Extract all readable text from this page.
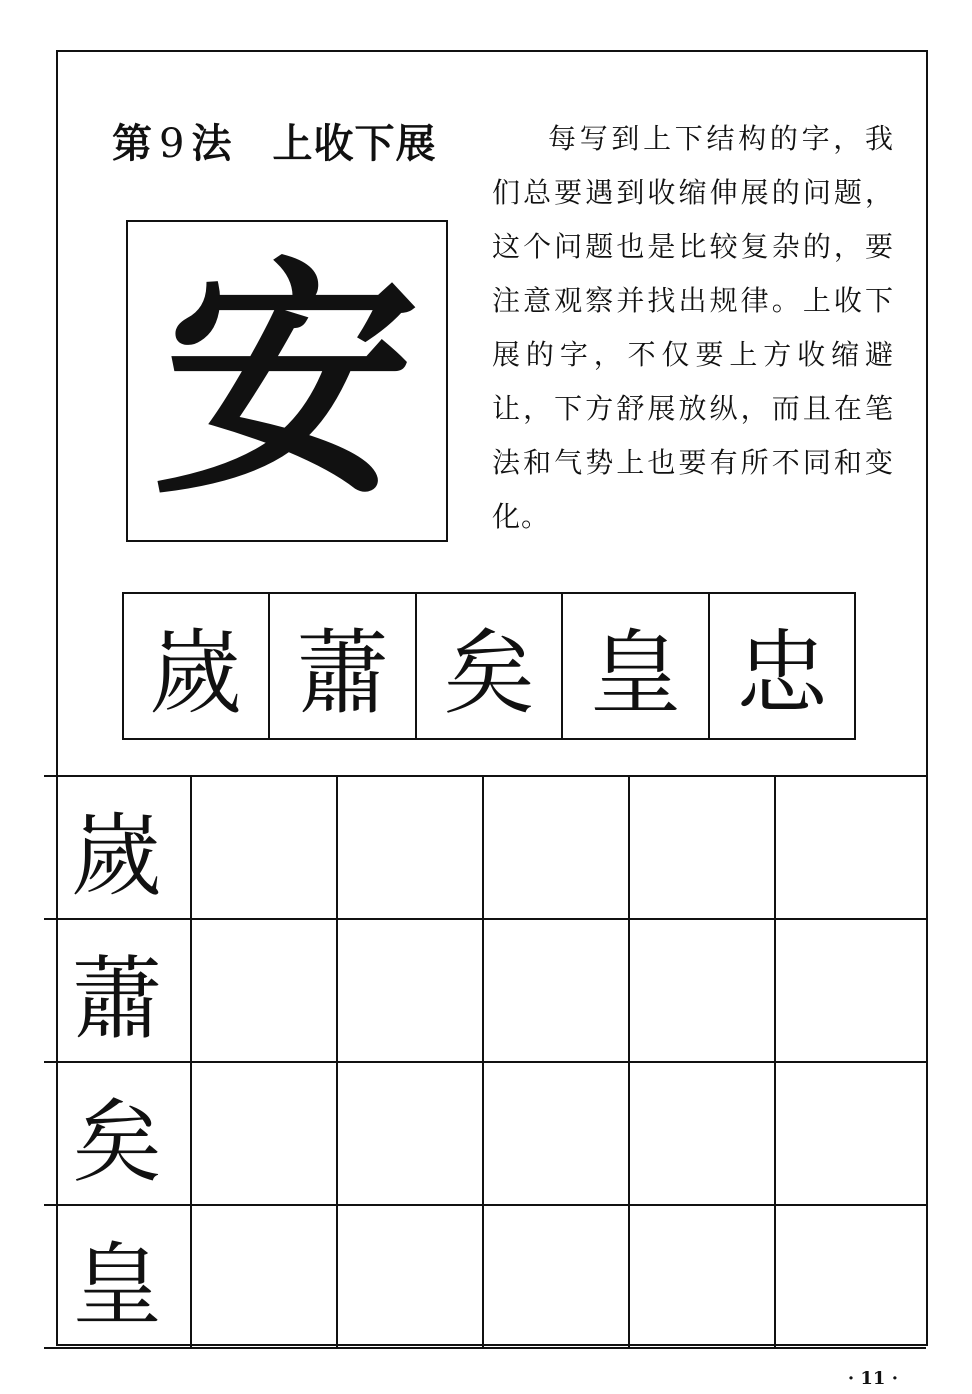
第 9 法 上收下展	每写到上下结构的字，我们总要遇到收缩伸展的问题，这个问题也是比较复杂的，要注意观察并找出规律。上收下展的字，不仅要上方收缩避让，下方舒展放纵，而且在笔法和气势上也要有所不同和变化。
安
嵗 蕭 矣 皇 忠
嵗
蕭
矣
皇
· 11 ·
